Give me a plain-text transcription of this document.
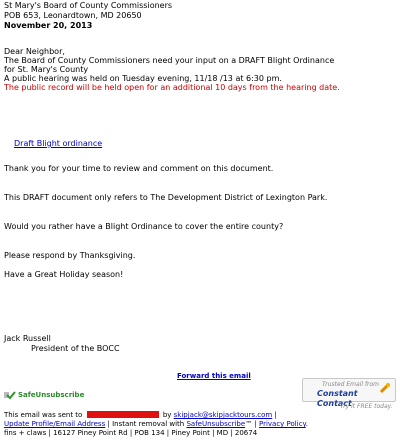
St Mary's Board of County Commissioners
POB 653, Leonardtown, MD 20650
November 20, 2013
Dear Neighbor,
The Board of County Commissioners need your input on a DRAFT Blight Ordinance
for St. Mary's County
A public hearing was held on Tuesday evening, 11/18 /13 at 6:30 pm.
The public record will be held open for an additional 10 days from the hearing date.
Draft Blight ordinance
Thank you for your time to review and comment on this document.
This DRAFT document only refers to The Development District of Lexington Park.
Would you rather have a Blight Ordinance to cover the entire county?
Please respond by Thanksgiving.
Have a Great Holiday season!
Jack Russell
President of the BOCC
Forward this email
SafeUnsubscribe
Trusted Email from
Constant Contact
Try it FREE today.
This email was sent to	by skipjack@skipjacktours.com |
Update Profile/Email Address | Instant removal with SafeUnsubscribe™ | Privacy Policy.
fins + claws | 16127 Piney Point Rd | POB 134 | Piney Point | MD | 20674
